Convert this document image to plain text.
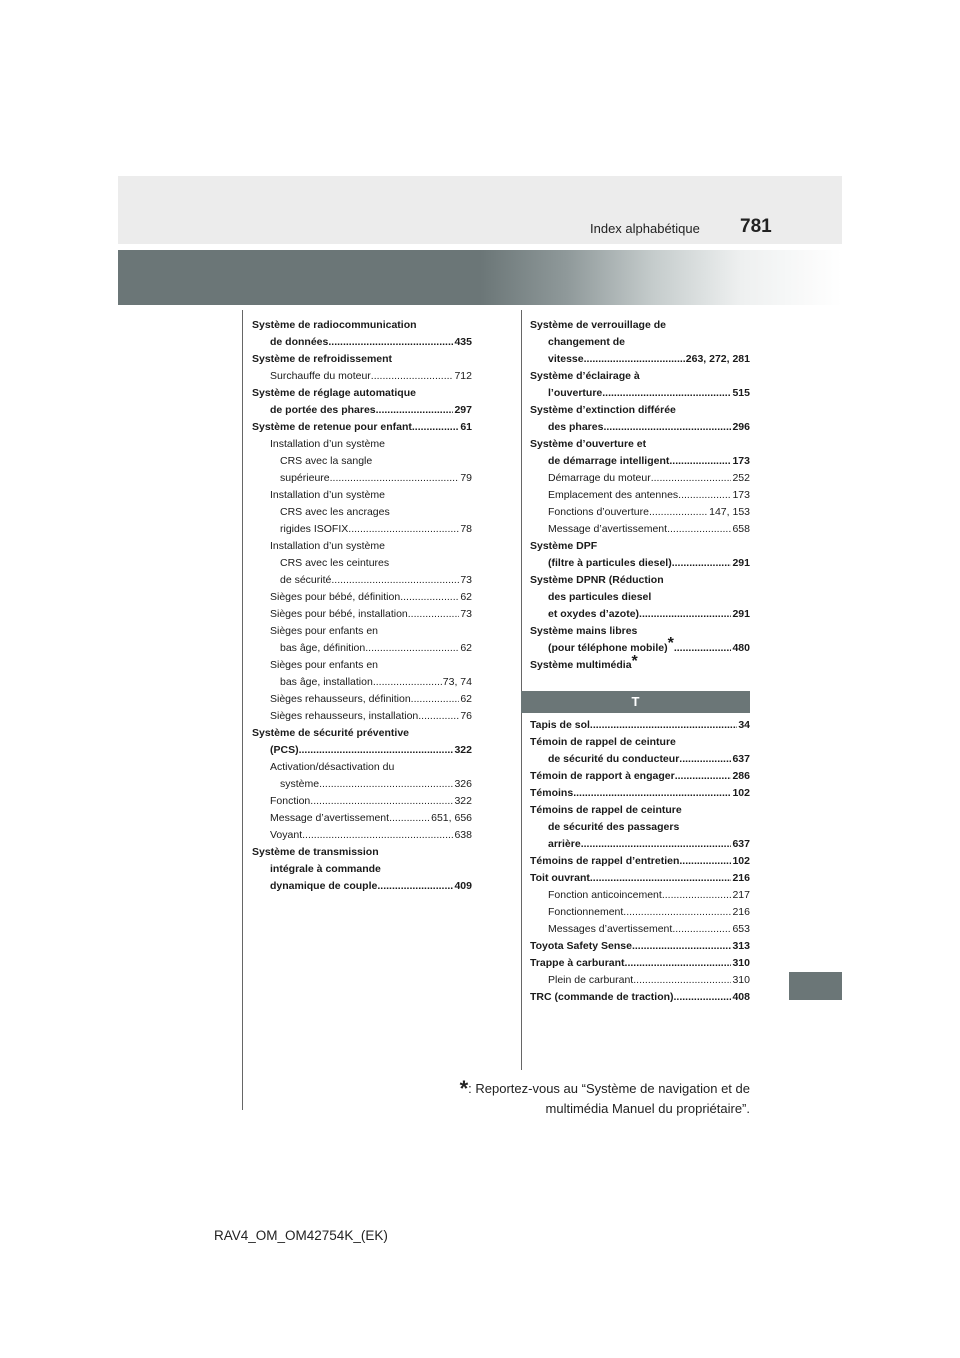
Index alphabétique 781
Système de radiocommunication
de données .....	435
Système de refroidissement
Surchauffe du moteur .....	712
Système de réglage automatique
de portée des phares .....	297
Système de retenue pour enfant .....	61
Installation d’un système
CRS avec la sangle
supérieure .....	79
Installation d’un système
CRS avec les ancrages
rigides ISOFIX .....	78
Installation d’un système
CRS avec les ceintures
de sécurité .....	73
Sièges pour bébé, définition .....	62
Sièges pour bébé, installation .....	73
Sièges pour enfants en
bas âge, définition .....	62
Sièges pour enfants en
bas âge, installation .....	73, 74
Sièges rehausseurs, définition .....	62
Sièges rehausseurs, installation .....	76
Système de sécurité préventive
(PCS) .....	322
Activation/désactivation du
système .....	326
Fonction .....	322
Message d’avertissement .....	651, 656
Voyant .....	638
Système de transmission
intégrale à commande
dynamique de couple .....	409
Système de verrouillage de
changement de
vitesse .....	263, 272, 281
Système d’éclairage à
l’ouverture .....	515
Système d’extinction différée
des phares .....	296
Système d’ouverture et
de démarrage intelligent .....	173
Démarrage du moteur .....	252
Emplacement des antennes .....	173
Fonctions d’ouverture .....	147, 153
Message d’avertissement .....	658
Système DPF
(filtre à particules diesel) .....	291
Système DPNR (Réduction
des particules diesel
et oxydes d’azote) .....	291
Système mains libres
(pour téléphone mobile) * .....	480
Système multimédia*
T
Tapis de sol .....	34
Témoin de rappel de ceinture
de sécurité du conducteur .....	637
Témoin de rapport à engager .....	286
Témoins .....	102
Témoins de rappel de ceinture
de sécurité des passagers
arrière .....	637
Témoins de rappel d’entretien .....	102
Toit ouvrant .....	216
Fonction anticoincement .....	217
Fonctionnement .....	216
Messages d’avertissement .....	653
Toyota Safety Sense .....	313
Trappe à carburant .....	310
Plein de carburant .....	310
TRC (commande de traction) .....	408
*: Reportez-vous au “Système de navigation et de
multimédia Manuel du propriétaire”.
RAV4_OM_OM42754K_(EK)
